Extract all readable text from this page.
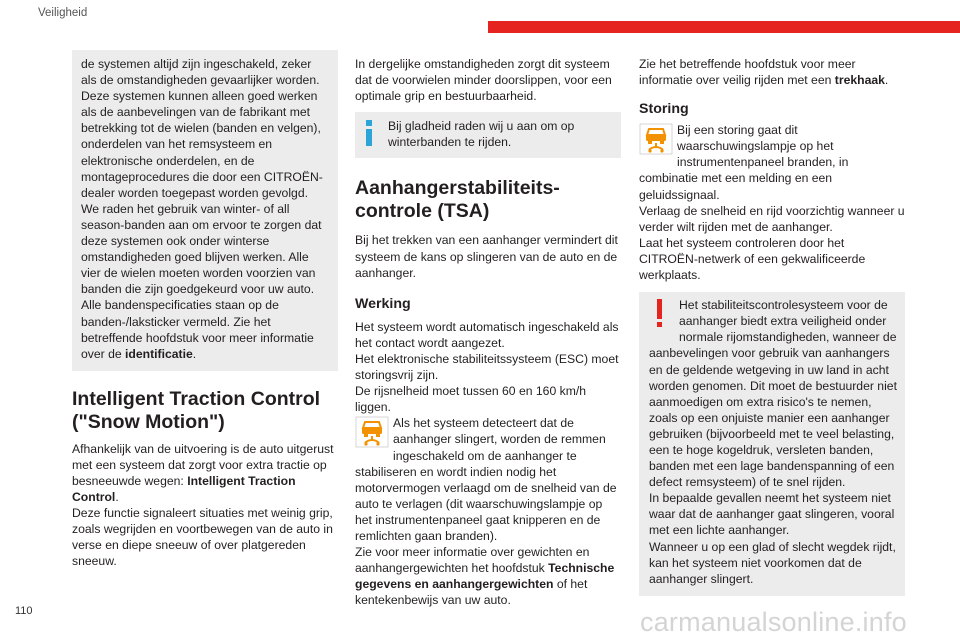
Veiligheid

de systemen altijd zijn ingeschakeld, zeker als de omstandigheden gevaarlijker worden. Deze systemen kunnen alleen goed werken als de aanbevelingen van de fabrikant met betrekking tot de wielen (banden en velgen), onderdelen van het remsysteem en elektronische onderdelen, en de montageprocedures die door een CITROËN-dealer worden toegepast worden gevolgd. We raden het gebruik van winter- of all season-banden aan om ervoor te zorgen dat deze systemen ook onder winterse omstandigheden goed blijven werken. Alle vier de wielen moeten worden voorzien van banden die zijn goedgekeurd voor uw auto. Alle bandenspecificaties staan op de banden-/laksticker vermeld. Zie het betreffende hoofdstuk voor meer informatie over de identificatie.

Intelligent Traction Control ("Snow Motion")

Afhankelijk van de uitvoering is de auto uitgerust met een systeem dat zorgt voor extra tractie op besneeuwde wegen: Intelligent Traction Control.

Deze functie signaleert situaties met weinig grip, zoals wegrijden en voortbewegen van de auto in verse en diepe sneeuw of over platgereden sneeuw.

In dergelijke omstandigheden zorgt dit systeem dat de voorwielen minder doorslippen, voor een optimale grip en bestuurbaarheid.

Bij gladheid raden wij u aan om op winterbanden te rijden.

Aanhangerstabiliteits-controle (TSA)

Bij het trekken van een aanhanger vermindert dit systeem de kans op slingeren van de auto en de aanhanger.

Werking

Het systeem wordt automatisch ingeschakeld als het contact wordt aangezet.

Het elektronische stabiliteitssysteem (ESC) moet storingsvrij zijn.

De rijsnelheid moet tussen 60 en 160 km/h liggen.

Als het systeem detecteert dat de aanhanger slingert, worden de remmen ingeschakeld om de aanhanger te stabiliseren en wordt indien nodig het motorvermogen verlaagd om de snelheid van de auto te verlagen (dit waarschuwingslampje op het instrumentenpaneel gaat knipperen en de remlichten gaan branden).

Zie voor meer informatie over gewichten en aanhangergewichten het hoofdstuk Technische gegevens en aanhangergewichten of het kentekenbewijs van uw auto.

Zie het betreffende hoofdstuk voor meer informatie over veilig rijden met een trekhaak.

Storing

Bij een storing gaat dit waarschuwingslampje op het instrumentenpaneel branden, in combinatie met een melding en een geluidssignaal.

Verlaag de snelheid en rijd voorzichtig wanneer u verder wilt rijden met de aanhanger.

Laat het systeem controleren door het CITROËN-netwerk of een gekwalificeerde werkplaats.

Het stabiliteitscontrolesysteem voor de aanhanger biedt extra veiligheid onder normale rijomstandigheden, wanneer de aanbevelingen voor gebruik van aanhangers en de geldende wetgeving in uw land in acht worden genomen. Dit moet de bestuurder niet aanmoedigen om extra risico's te nemen, zoals op een onjuiste manier een aanhanger gebruiken (bijvoorbeeld met te veel belasting, een te hoge kogeldruk, versleten banden, banden met een lage bandenspanning of een defect remsysteem) of te snel rijden.

In bepaalde gevallen neemt het systeem niet waar dat de aanhanger gaat slingeren, vooral met een lichte aanhanger.

Wanneer u op een glad of slecht wegdek rijdt, kan het systeem niet voorkomen dat de aanhanger slingert.

110	carmanualsonline.info
